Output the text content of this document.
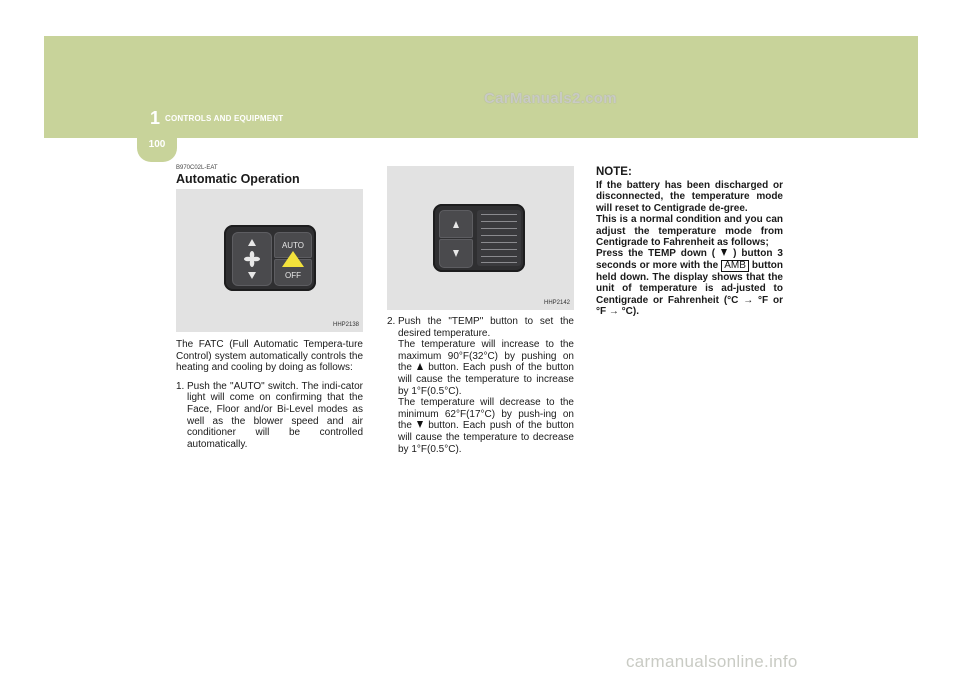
100
1 CONTROLS AND EQUIPMENT
CarManuals2.com
B970C02L-EAT
Automatic Operation
AUTO
OFF
HHP2138
HHP2142
The FATC (Full Automatic Tempera-ture Control) system automatically controls the heating and cooling by doing as follows:
1. Push the "AUTO" switch. The indi-cator light will come on confirming that the Face, Floor and/or Bi-Level modes as well as the blower speed and air conditioner will be controlled automatically.
2. Push the "TEMP" button to set the desired temperature.
The temperature will increase to the maximum 90°F(32°C) by pushing on the button. Each push of the button will cause the temperature to increase by 1°F(0.5°C).
The temperature will decrease to the minimum 62°F(17°C) by push-ing on the button. Each push of the button will cause the temperature to decrease by 1°F(0.5°C).
NOTE:
If the battery has been discharged or disconnected, the temperature mode will reset to Centigrade de-gree.
This is a normal condition and you can adjust the temperature mode from Centigrade to Fahrenheit as follows;
Press the TEMP down ( ) button 3 seconds or more with the AMB button held down. The display shows that the unit of temperature is ad-justed to Centigrade or Fahrenheit (°C → °F or °F → °C).
carmanualsonline.info
